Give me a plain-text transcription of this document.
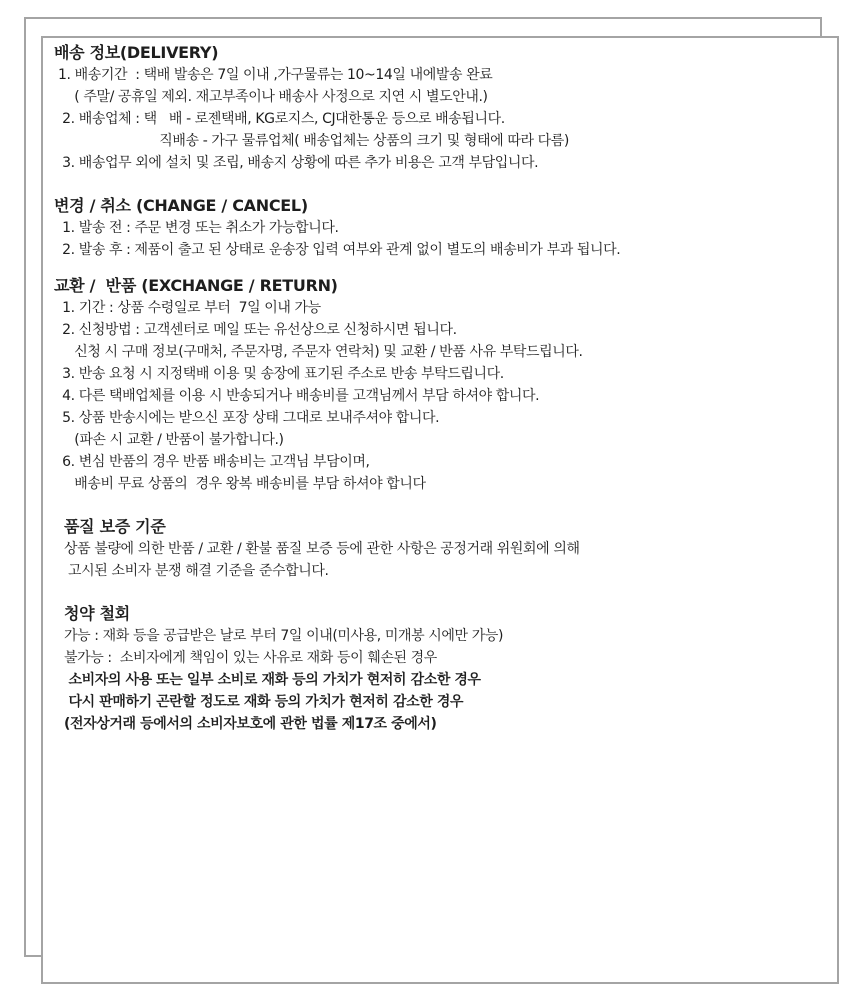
배송 정보(DELIVERY)

1. 배송기간  : 택배 발송은 7일 이내 ,가구물류는 10~14일 내에발송 완료

( 주말/ 공휴일 제외. 재고부족이나 배송사 사정으로 지연 시 별도안내.)

2. 배송업체 : 택   배 - 로젠택배, KG로지스, CJ대한통운 등으로 배송됩니다.

직배송 - 가구 물류업체( 배송업체는 상품의 크기 및 형태에 따라 다름)

3. 배송업무 외에 설치 및 조립, 배송지 상황에 따른 추가 비용은 고객 부담입니다.

변경 / 취소 (CHANGE / CANCEL)

1. 발송 전 : 주문 변경 또는 취소가 가능합니다.

2. 발송 후 : 제품이 출고 된 상태로 운송장 입력 여부와 관계 없이 별도의 배송비가 부과 됩니다.

교환 /  반품 (EXCHANGE / RETURN)

1. 기간 : 상품 수령일로 부터  7일 이내 가능

2. 신청방법 : 고객센터로 메일 또는 유선상으로 신청하시면 됩니다.

신청 시 구매 정보(구매처, 주문자명, 주문자 연락처) 및 교환 / 반품 사유 부탁드립니다.

3. 반송 요청 시 지정택배 이용 및 송장에 표기된 주소로 반송 부탁드립니다.

4. 다른 택배업체를 이용 시 반송되거나 배송비를 고객님께서 부담 하셔야 합니다.

5. 상품 반송시에는 받으신 포장 상태 그대로 보내주셔야 합니다.

(파손 시 교환 / 반품이 불가합니다.)

6. 변심 반품의 경우 반품 배송비는 고객님 부담이며,

배송비 무료 상품의  경우 왕복 배송비를 부담 하셔야 합니다

품질 보증 기준

상품 불량에 의한 반품 / 교환 / 환불 품질 보증 등에 관한 사항은 공정거래 위원회에 의해

고시된 소비자 분쟁 해결 기준을 준수합니다.

청약 철회

가능 : 재화 등을 공급받은 날로 부터 7일 이내(미사용, 미개봉 시에만 가능)

불가능 :  소비자에게 책임이 있는 사유로 재화 등이 훼손된 경우

소비자의 사용 또는 일부 소비로 재화 등의 가치가 현저히 감소한 경우

다시 판매하기 곤란할 정도로 재화 등의 가치가 현저히 감소한 경우

(전자상거래 등에서의 소비자보호에 관한 법률 제17조 중에서)
